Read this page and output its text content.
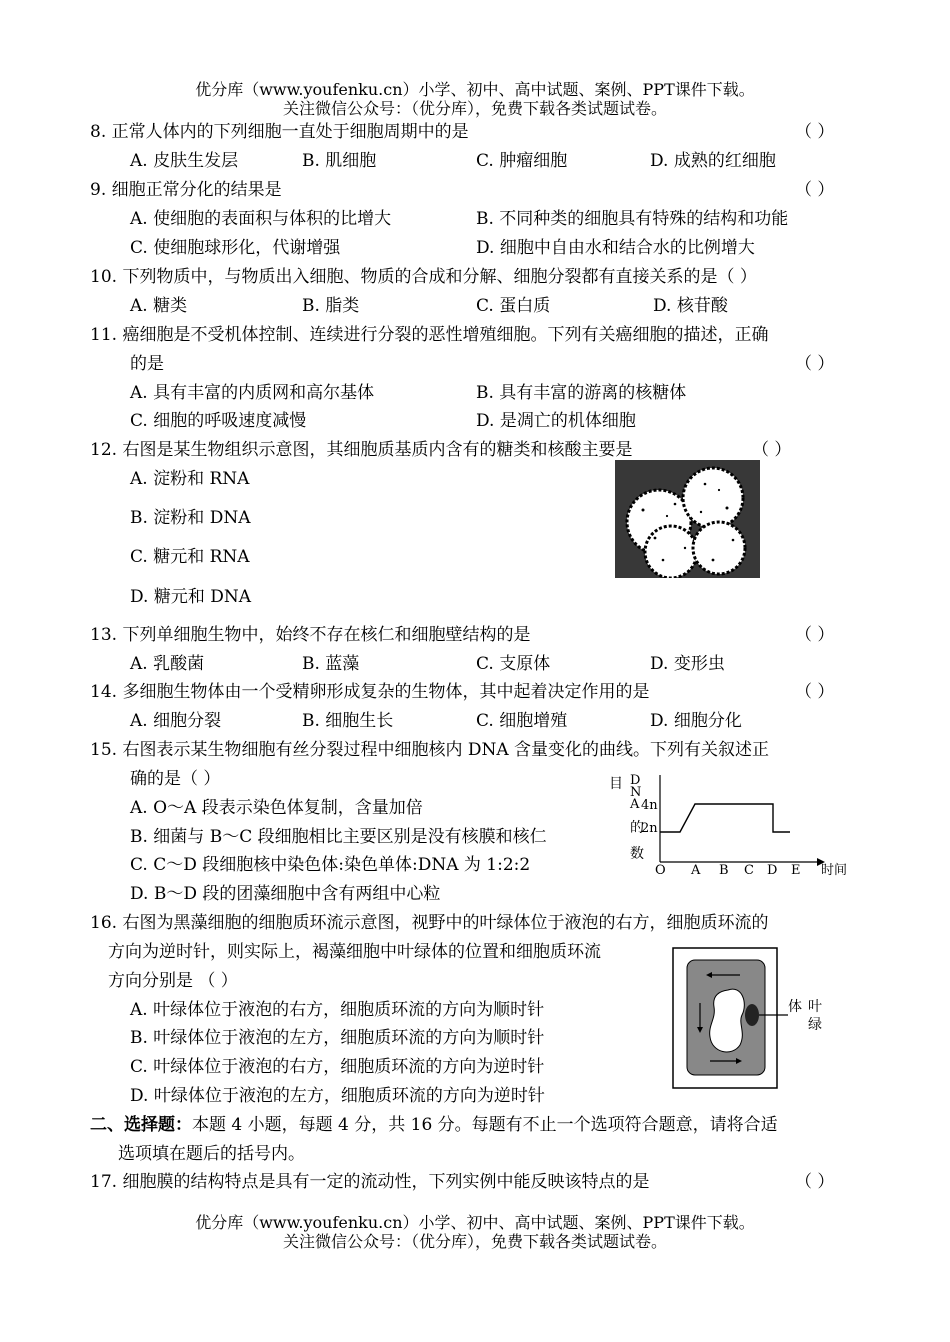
优分库（www.youfenku.cn）小学、初中、高中试题、案例、PPT课件下载。
关注微信公众号：（优分库），免费下载各类试题试卷。
8. 正常人体内的下列细胞一直处于细胞周期中的是	（ ）
A. 皮肤生发层	B. 肌细胞	C. 肿瘤细胞	D. 成熟的红细胞
9. 细胞正常分化的结果是	（ ）
A. 使细胞的表面积与体积的比增大	B. 不同种类的细胞具有特殊的结构和功能
C. 使细胞球形化，代谢增强	D. 细胞中自由水和结合水的比例增大
10. 下列物质中，与物质出入细胞、物质的合成和分解、细胞分裂都有直接关系的是（ ）
A. 糖类	B. 脂类	C. 蛋白质	D. 核苷酸
11. 癌细胞是不受机体控制、连续进行分裂的恶性增殖细胞。下列有关癌细胞的描述，正确
的是	（ ）
A. 具有丰富的内质网和高尔基体	B. 具有丰富的游离的核糖体
C. 细胞的呼吸速度减慢	D. 是凋亡的机体细胞
12. 右图是某生物组织示意图，其细胞质基质内含有的糖类和核酸主要是	（ ）
A. 淀粉和 RNA
B. 淀粉和 DNA
C. 糖元和 RNA
D. 糖元和 DNA
13. 下列单细胞生物中，始终不存在核仁和细胞壁结构的是	（ ）
A. 乳酸菌	B. 蓝藻	C. 支原体	D. 变形虫
14. 多细胞生物体由一个受精卵形成复杂的生物体，其中起着决定作用的是	（ ）
A. 细胞分裂	B. 细胞生长	C. 细胞增殖	D. 细胞分化
15. 右图表示某生物细胞有丝分裂过程中细胞核内 DNA 含量变化的曲线。下列有关叙述正
确的是（ ）
A. O～A 段表示染色体复制，含量加倍
B. 细菌与 B～C 段细胞相比主要区别是没有核膜和核仁
C. C～D 段细胞核中染色体:染色单体:DNA 为 1:2:2
D. B～D 段的团藻细胞中含有两组中心粒
目 D
N
A
的
数
4n
2n
O A B C D E 时间
16. 右图为黑藻细胞的细胞质环流示意图，视野中的叶绿体位于液泡的右方，细胞质环流的
方向为逆时针，则实际上，褐藻细胞中叶绿体的位置和细胞质环流
方向分别是 （ ）
A. 叶绿体位于液泡的右方，细胞质环流的方向为顺时针
B. 叶绿体位于液泡的左方，细胞质环流的方向为顺时针
C. 叶绿体位于液泡的右方，细胞质环流的方向为逆时针
D. 叶绿体位于液泡的左方，细胞质环流的方向为逆时针
体 叶
绿
二、选择题：本题 4 小题，每题 4 分，共 16 分。每题有不止一个选项符合题意，请将合适
选项填在题后的括号内。
17. 细胞膜的结构特点是具有一定的流动性，下列实例中能反映该特点的是	（ ）
优分库（www.youfenku.cn）小学、初中、高中试题、案例、PPT课件下载。
关注微信公众号：（优分库），免费下载各类试题试卷。
